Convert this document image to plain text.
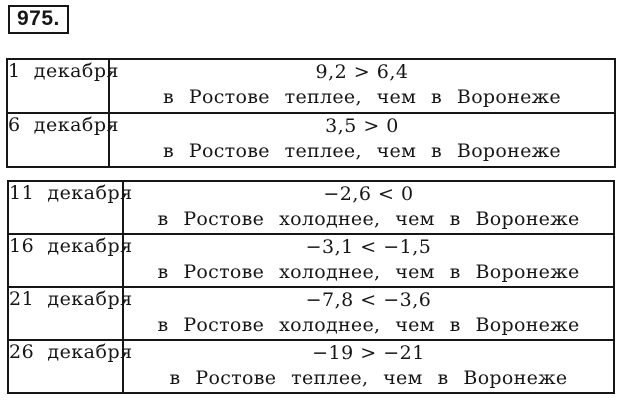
975.
1 декабря	9,2 > 6,4
в Ростове теплее, чем в Воронеже

6 декабря	3,5 > 0
в Ростове теплее, чем в Воронеже
11 декабря	−2,6 < 0
в Ростове холоднее, чем в Воронеже

16 декабря	−3,1 < −1,5
в Ростове холоднее, чем в Воронеже

21 декабря	−7,8 < −3,6
в Ростове холоднее, чем в Воронеже

26 декабря	−19 > −21
в Ростове теплее, чем в Воронеже
